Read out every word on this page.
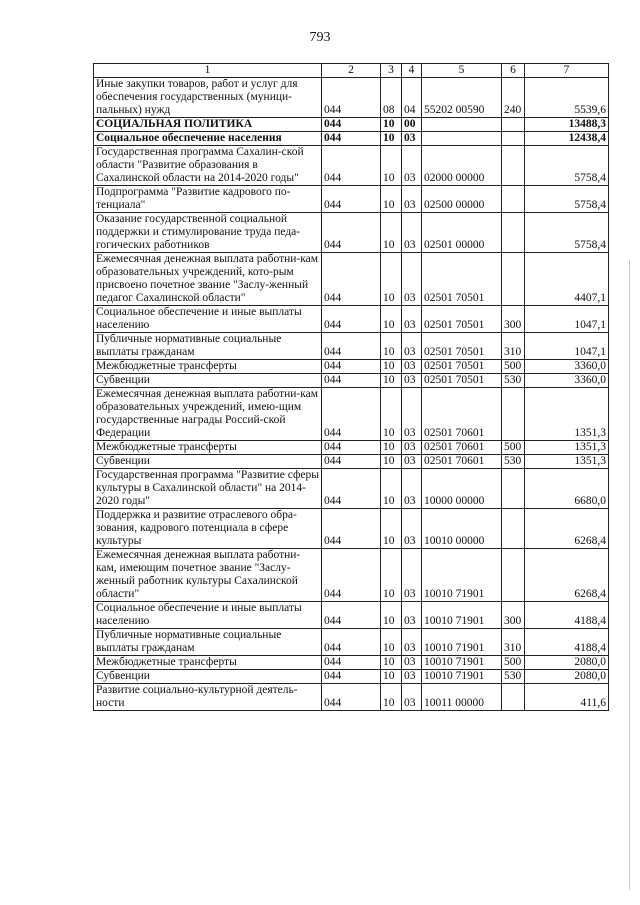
793
1	2	3	4	5	6	7
Иные закупки товаров, работ и услуг для обеспечения государственных (муници-пальных) нужд	044	08	04	55202 00590	240	5539,6
СОЦИАЛЬНАЯ ПОЛИТИКА	044	10	00			13488,3
Социальное обеспечение населения	044	10	03			12438,4
Государственная программа Сахалин-ской области "Развитие образования в Сахалинской области на 2014-2020 годы"	044	10	03	02000 00000		5758,4
Подпрограмма "Развитие кадрового по-тенциала"	044	10	03	02500 00000		5758,4
Оказание государственной социальной поддержки и стимулирование труда педа-гогических работников	044	10	03	02501 00000		5758,4
Ежемесячная денежная выплата работни-кам образовательных учреждений, кото-рым присвоено почетное звание "Заслу-женный педагог Сахалинской области"	044	10	03	02501 70501		4407,1
Социальное обеспечение и иные выплаты населению	044	10	03	02501 70501	300	1047,1
Публичные нормативные социальные выплаты гражданам	044	10	03	02501 70501	310	1047,1
Межбюджетные трансферты	044	10	03	02501 70501	500	3360,0
Субвенции	044	10	03	02501 70501	530	3360,0
Ежемесячная денежная выплата работни-кам образовательных учреждений, имею-щим государственные награды Россий-ской Федерации	044	10	03	02501 70601		1351,3
Межбюджетные трансферты	044	10	03	02501 70601	500	1351,3
Субвенции	044	10	03	02501 70601	530	1351,3
Государственная программа "Развитие сферы культуры в Сахалинской области" на 2014-2020 годы"	044	10	03	10000 00000		6680,0
Поддержка и развитие отраслевого обра-зования, кадрового потенциала в сфере культуры	044	10	03	10010 00000		6268,4
Ежемесячная денежная выплата работни-кам, имеющим почетное звание "Заслу-женный работник культуры Сахалинской области"	044	10	03	10010 71901		6268,4
Социальное обеспечение и иные выплаты населению	044	10	03	10010 71901	300	4188,4
Публичные нормативные социальные выплаты гражданам	044	10	03	10010 71901	310	4188,4
Межбюджетные трансферты	044	10	03	10010 71901	500	2080,0
Субвенции	044	10	03	10010 71901	530	2080,0
Развитие социально-культурной деятель-ности	044	10	03	10011 00000		411,6
